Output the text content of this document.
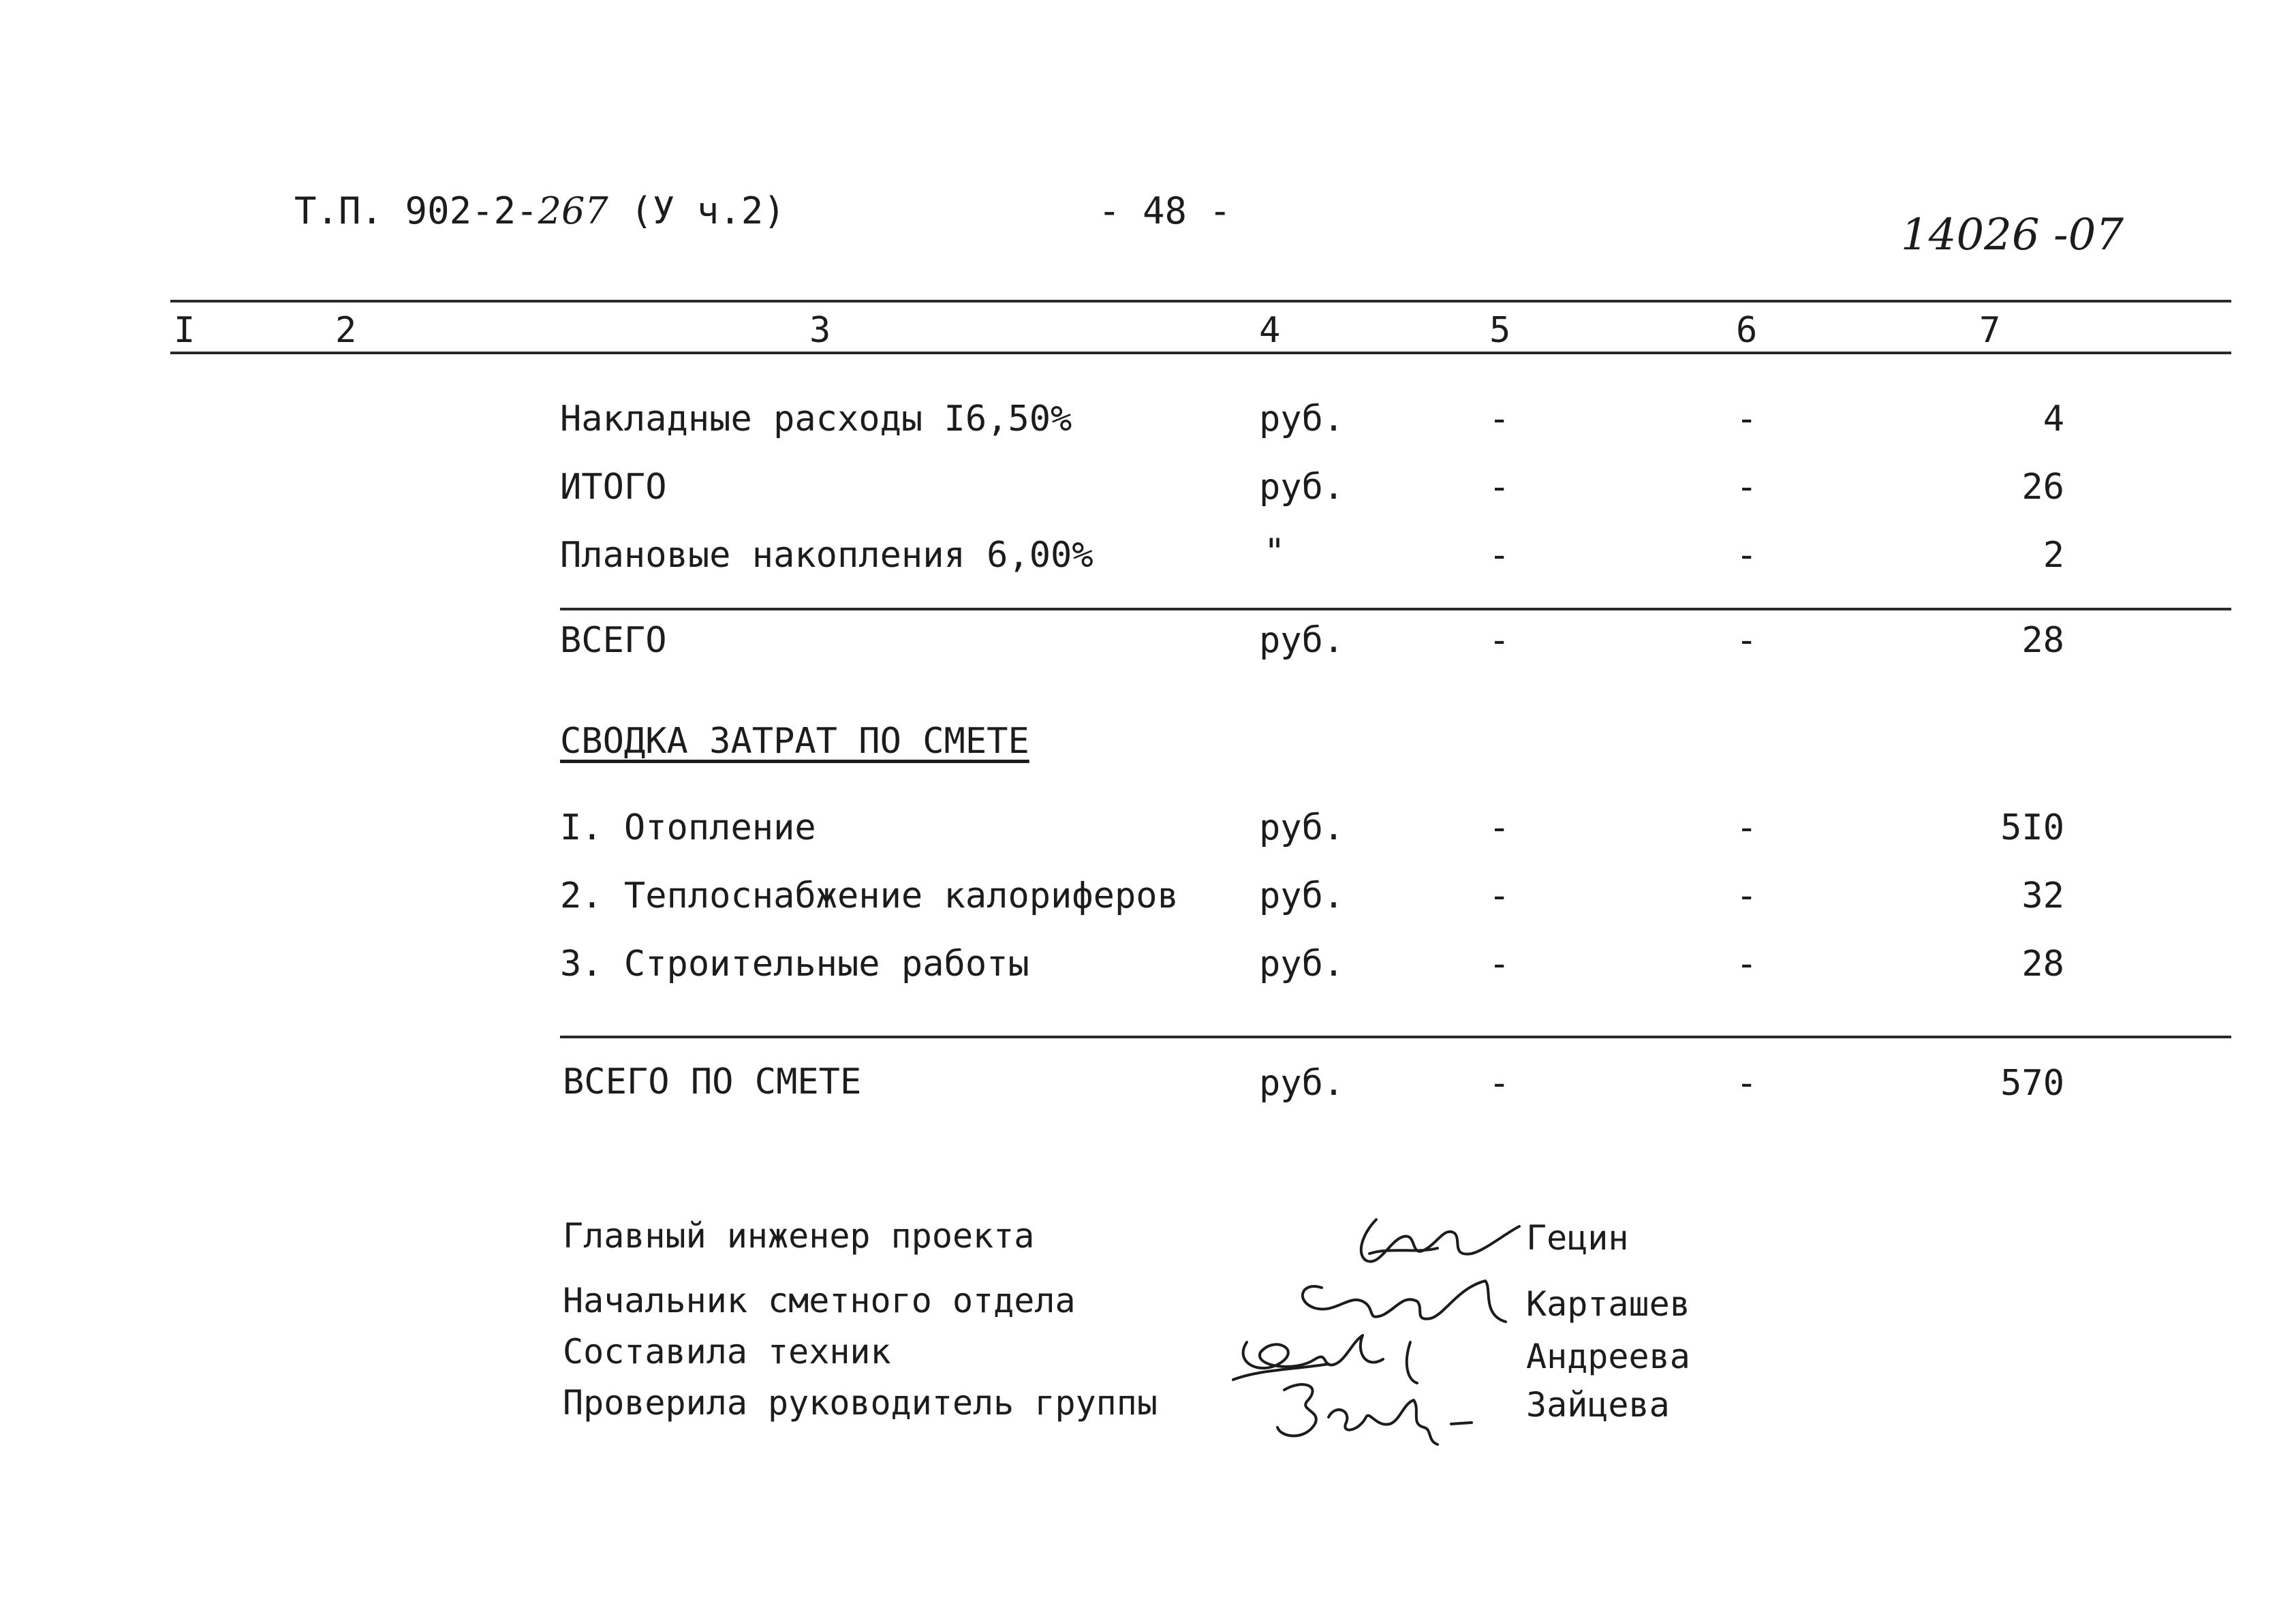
Т.П. 902-2-267 (У ч.2)	- 48 -	14026 -07
I	2	3	4	5	6	7
Накладные расходы I6,50%	руб.	-	-	4
ИТОГО	руб.	-	-	26
Плановые накопления 6,00%	"	-	-	2
ВСЕГО	руб.	-	-	28
СВОДКА ЗАТРАТ ПО СМЕТЕ
I. Отопление	руб.	-	-	5I0
2. Теплоснабжение калориферов руб.	-	-	32
3. Строительные работы	руб.	-	-	28
ВСЕГО ПО СМЕТЕ	руб.	-	-	570
Главный инженер проекта	Гецин
Начальник сметного отдела	Карташев
Составила техник	Андреева
Проверила руководитель группы	Зайцева
